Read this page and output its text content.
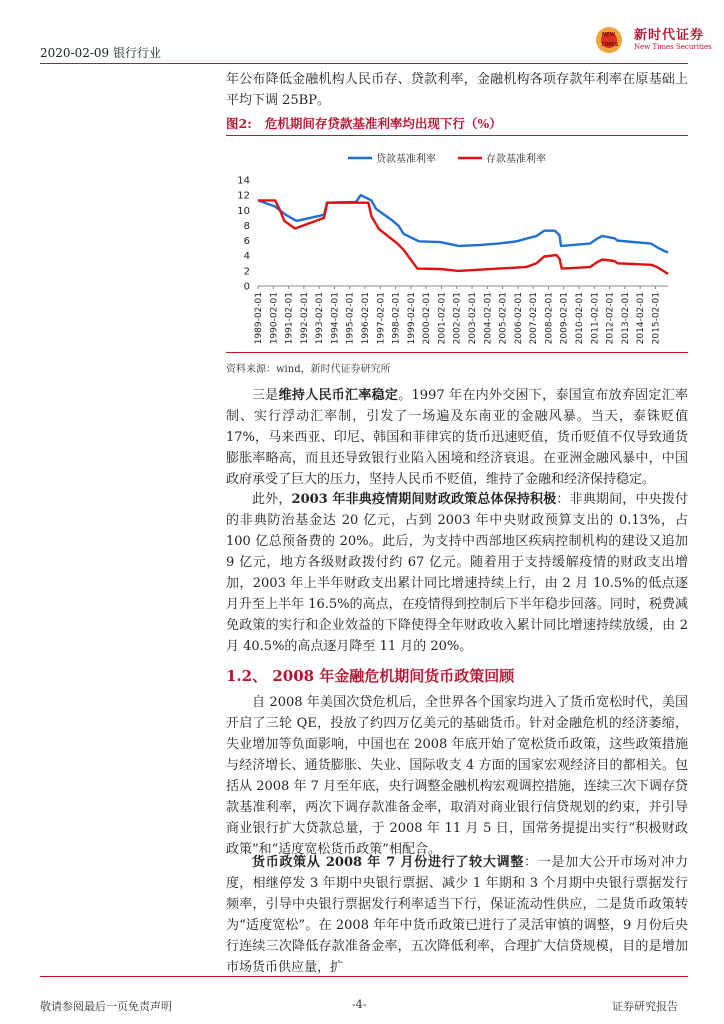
2020-02-09 银行行业
NEW
TIMES
新时代证券
New Times Securities
年公布降低金融机构人民币存、贷款利率，金融机构各项存款年利率在原基础上平均下调 25BP。
图2: 危机期间存贷款基准利率均出现下行（%）
贷款基准利率	存款基准利率
0
2
4
6
8
10
12
14
1989-02-01 1990-02-01 1991-02-01 1992-02-01 1993-02-01 1994-02-01 1995-02-01 1996-02-01 1997-02-01 1998-02-01 1999-02-01 2000-02-01 2001-02-01 2002-02-01 2003-02-01 2004-02-01 2005-02-01 2006-02-01 2007-02-01 2008-02-01 2009-02-01 2010-02-01 2011-02-01 2012-02-01 2013-02-01 2014-02-01 2015-02-01
资料来源：wind，新时代证券研究所
三是维持人民币汇率稳定。1997 年在内外交困下，泰国宣布放弃固定汇率制、实行浮动汇率制，引发了一场遍及东南亚的金融风暴。当天，泰铢贬值 17%，马来西亚、印尼、韩国和菲律宾的货币迅速贬值，货币贬值不仅导致通货膨胀率略高，而且还导致银行业陷入困境和经济衰退。在亚洲金融风暴中，中国政府承受了巨大的压力，坚持人民币不贬值，维持了金融和经济保持稳定。
此外，2003 年非典疫情期间财政政策总体保持积极：非典期间，中央拨付的非典防治基金达 20 亿元，占到 2003 年中央财政预算支出的 0.13%，占 100 亿总预备费的 20%。此后，为支持中西部地区疾病控制机构的建设又追加 9 亿元，地方各级财政拨付约 67 亿元。随着用于支持缓解疫情的财政支出增加，2003 年上半年财政支出累计同比增速持续上行，由 2 月 10.5%的低点逐月升至上半年 16.5%的高点，在疫情得到控制后下半年稳步回落。同时，税费减免政策的实行和企业效益的下降使得全年财政收入累计同比增速持续放缓，由 2 月 40.5%的高点逐月降至 11 月的 20%。
1.2、 2008 年金融危机期间货币政策回顾
自 2008 年美国次贷危机后，全世界各个国家均进入了货币宽松时代，美国开启了三轮 QE，投放了约四万亿美元的基础货币。针对金融危机的经济萎缩，失业增加等负面影响，中国也在 2008 年底开始了宽松货币政策，这些政策措施与经济增长、通货膨胀、失业、国际收支 4 方面的国家宏观经济目的都相关。包括从 2008 年 7 月至年底，央行调整金融机构宏观调控措施，连续三次下调存贷款基准利率，两次下调存款准备金率，取消对商业银行信贷规划的约束，并引导商业银行扩大贷款总量，于 2008 年 11 月 5 日，国常务提提出实行“积极财政政策”和“适度宽松货币政策”相配合。
货币政策从 2008 年 7 月份进行了较大调整：一是加大公开市场对冲力度，相继停发 3 年期中央银行票据、减少 1 年期和 3 个月期中央银行票据发行频率，引导中央银行票据发行利率适当下行，保证流动性供应，二是货币政策转为“适度宽松”。在 2008 年年中货币政策已进行了灵活审慎的调整，9 月份后央行连续三次降低存款准备金率，五次降低利率，合理扩大信贷规模，目的是增加市场货币供应量，扩
敬请参阅最后一页免责声明	-4-	证券研究报告
